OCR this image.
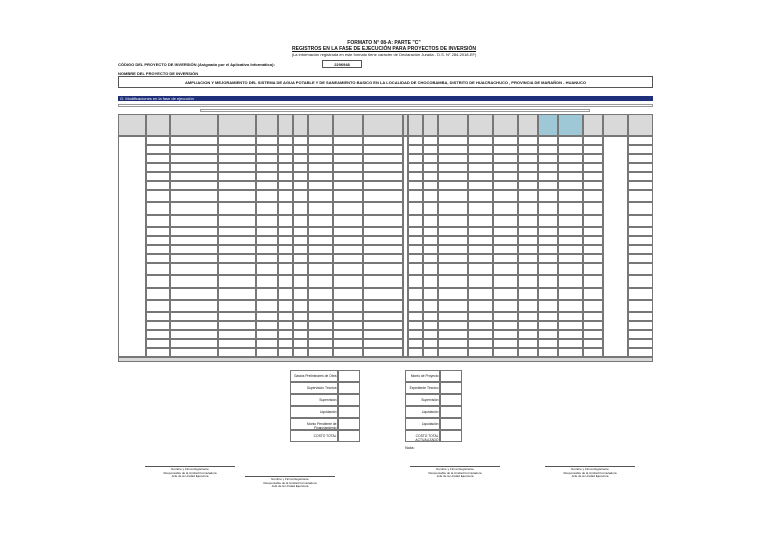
FORMATO N° 08-A: PARTE "C"
REGISTROS EN LA FASE DE EJECUCIÓN PARA PROYECTOS DE INVERSIÓN
(La información registrada en este formato tiene carácter de Declaración Jurada - D.S. N° 284-2018-EF)
CÓDIGO DEL PROYECTO DE INVERSIÓN (Asignado por el Aplicativo Informático):	2296948
NOMBRE DEL PROYECTO DE INVERSIÓN
AMPLIACION Y MEJORAMIENTO DEL SISTEMA DE AGUA POTABLE Y DE SANEAMIENTO BASICO EN LA LOCALIDAD DE CHOCOBAMBA, DISTRITO DE HUACRACHUCO , PROVINCIA DE MARAÑON - HUANUCO
G. Modificaciones en la fase de ejecución
Gastos Preliminares de Obra
Supervisión Técnica
Supervisión
Liquidación
Monto Pendiente de Financiamiento
COSTO TOTAL
Monto de Proyecto
Expediente Técnico
Supervisión
Liquidación
Liquidación
COSTO TOTAL ACTUALIZADO
Nota:
Nombre y Firma Registrante
Responsable de la Unidad Formuladora
Jefe de la Unidad Ejecutora
Nombre y Firma Registrante
Responsable de la Unidad Formuladora
Jefe de la Unidad Ejecutora
Nombre y Firma Registrante
Responsable de la Unidad Formuladora
Jefe de la Unidad Ejecutora
Nombre y Firma Registrante
Responsable de la Unidad Formuladora
Jefe de la Unidad Ejecutora
